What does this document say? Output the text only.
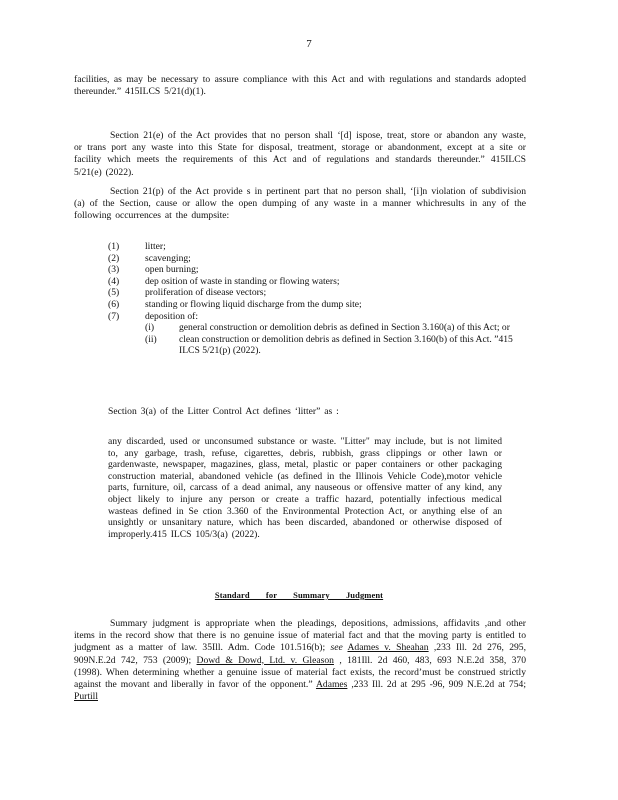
7

facilities, as may be necessary to assure compliance with this Act and with regulations and standards adopted thereunder.” 415ILCS 5/21(d)(1).

Section 21(e) of the Act provides that no person shall ‘[d] ispose, treat, store or abandon any waste, or trans port any waste into this State for disposal, treatment, storage or abandonment, except at a site or facility which meets the requirements of this Act and of regulations and standards thereunder.” 415ILCS 5/21(e) (2022).

Section 21(p) of the Act provide s in pertinent part that no person shall, ‘[i]n violation of subdivision (a) of the Section, cause or allow the open dumping of any waste in a manner whichresults in any of the following occurrences at the dumpsite:

(1)	litter;
(2)	scavenging;
(3)	open burning;
(4)	dep osition of waste in standing or flowing waters;
(5)	proliferation of disease vectors;
(6)	standing or flowing liquid discharge from the dump site;
(7)	deposition of:
(i)	general construction or demolition debris as defined in Section 3.160(a) of this Act; or
(ii) clean construction or demolition debris as defined in Section 3.160(b) of this Act. ”415 ILCS 5/21(p) (2022).

Section 3(a) of the Litter Control Act defines ‘litter” as :

any discarded, used or unconsumed substance or waste. "Litter" may include, but is not limited to, any garbage, trash, refuse, cigarettes, debris, rubbish, grass clippings or other lawn or gardenwaste, newspaper, magazines, glass, metal, plastic or paper containers or other packaging construction material, abandoned vehicle (as defined in the Illinois Vehicle Code),motor vehicle parts, furniture, oil, carcass of a dead animal, any nauseous or offensive matter of any kind, any object likely to injure any person or create a traffic hazard, potentially infectious medical wasteas defined in Se ction 3.360 of the Environmental Protection Act, or anything else of an unsightly or unsanitary nature, which has been discarded, abandoned or otherwise disposed of improperly.415 ILCS 105/3(a) (2022).

Standard for Summary Judgment

Summary judgment is appropriate when the pleadings, depositions, admissions, affidavits ,and other items in the record show that there is no genuine issue of material fact and that the moving party is entitled to judgment as a matter of law. 35Ill. Adm. Code 101.516(b); see Adames v. Sheahan ,233 Ill. 2d 276, 295, 909N.E.2d 742, 753 (2009); Dowd & Dowd, Ltd. v. Gleason , 181Ill. 2d 460, 483, 693 N.E.2d 358, 370 (1998). When determining whether a genuine issue of material fact exists, the record’must be construed strictly against the movant and liberally in favor of the opponent.” Adames ,233 Ill. 2d at 295 -96, 909 N.E.2d at 754; Purtill
